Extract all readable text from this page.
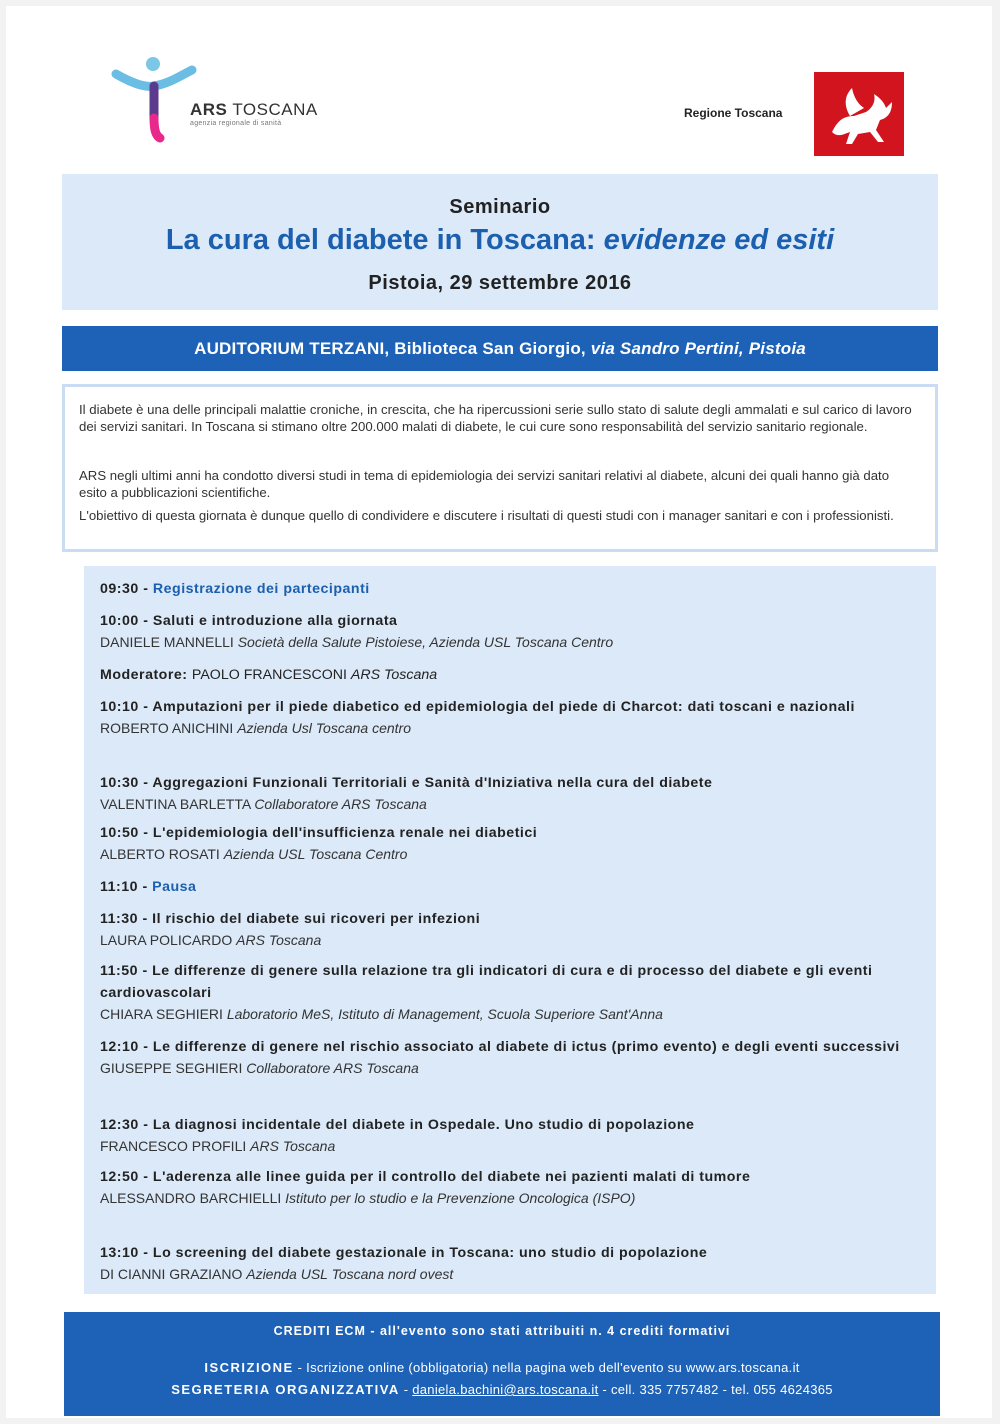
ARS TOSCANA
agenzia regionale di sanità
Regione Toscana
Seminario
La cura del diabete in Toscana: evidenze ed esiti
Pistoia, 29 settembre 2016
AUDITORIUM TERZANI, Biblioteca San Giorgio, via Sandro Pertini, Pistoia

Il diabete è una delle principali malattie croniche, in crescita, che ha ripercussioni serie sullo stato di salute degli ammalati e sul carico di lavoro dei servizi sanitari. In Toscana si stimano oltre 200.000 malati di diabete, le cui cure sono responsabilità del servizio sanitario regionale.

ARS negli ultimi anni ha condotto diversi studi in tema di epidemiologia dei servizi sanitari relativi al diabete, alcuni dei quali hanno già dato esito a pubblicazioni scientifiche.

L'obiettivo di questa giornata è dunque quello di condividere e discutere i risultati di questi studi con i manager sanitari e con i professionisti.

09:30 - Registrazione dei partecipanti
10:00 - Saluti e introduzione alla giornata
DANIELE MANNELLI Società della Salute Pistoiese, Azienda USL Toscana Centro
Moderatore: PAOLO FRANCESCONI ARS Toscana
10:10 - Amputazioni per il piede diabetico ed epidemiologia del piede di Charcot: dati toscani e nazionali
ROBERTO ANICHINI Azienda Usl Toscana centro
10:30 - Aggregazioni Funzionali Territoriali e Sanità d'Iniziativa nella cura del diabete
VALENTINA BARLETTA Collaboratore ARS Toscana
10:50 - L'epidemiologia dell'insufficienza renale nei diabetici
ALBERTO ROSATI Azienda USL Toscana Centro
11:10 - Pausa
11:30 - Il rischio del diabete sui ricoveri per infezioni
LAURA POLICARDO ARS Toscana
11:50 - Le differenze di genere sulla relazione tra gli indicatori di cura e di processo del diabete e gli eventi cardiovascolari
CHIARA SEGHIERI Laboratorio MeS, Istituto di Management, Scuola Superiore Sant'Anna
12:10 - Le differenze di genere nel rischio associato al diabete di ictus (primo evento) e degli eventi successivi
GIUSEPPE SEGHIERI Collaboratore ARS Toscana
12:30 - La diagnosi incidentale del diabete in Ospedale. Uno studio di popolazione
FRANCESCO PROFILI ARS Toscana
12:50 - L'aderenza alle linee guida per il controllo del diabete nei pazienti malati di tumore
ALESSANDRO BARCHIELLI Istituto per lo studio e la Prevenzione Oncologica (ISPO)
13:10 - Lo screening del diabete gestazionale in Toscana: uno studio di popolazione
DI CIANNI GRAZIANO Azienda USL Toscana nord ovest
CREDITI ECM - all'evento sono stati attribuiti n. 4 crediti formativi
ISCRIZIONE - Iscrizione online (obbligatoria) nella pagina web dell'evento su www.ars.toscana.it
SEGRETERIA ORGANIZZATIVA - daniela.bachini@ars.toscana.it - cell. 335 7757482 - tel. 055 4624365
